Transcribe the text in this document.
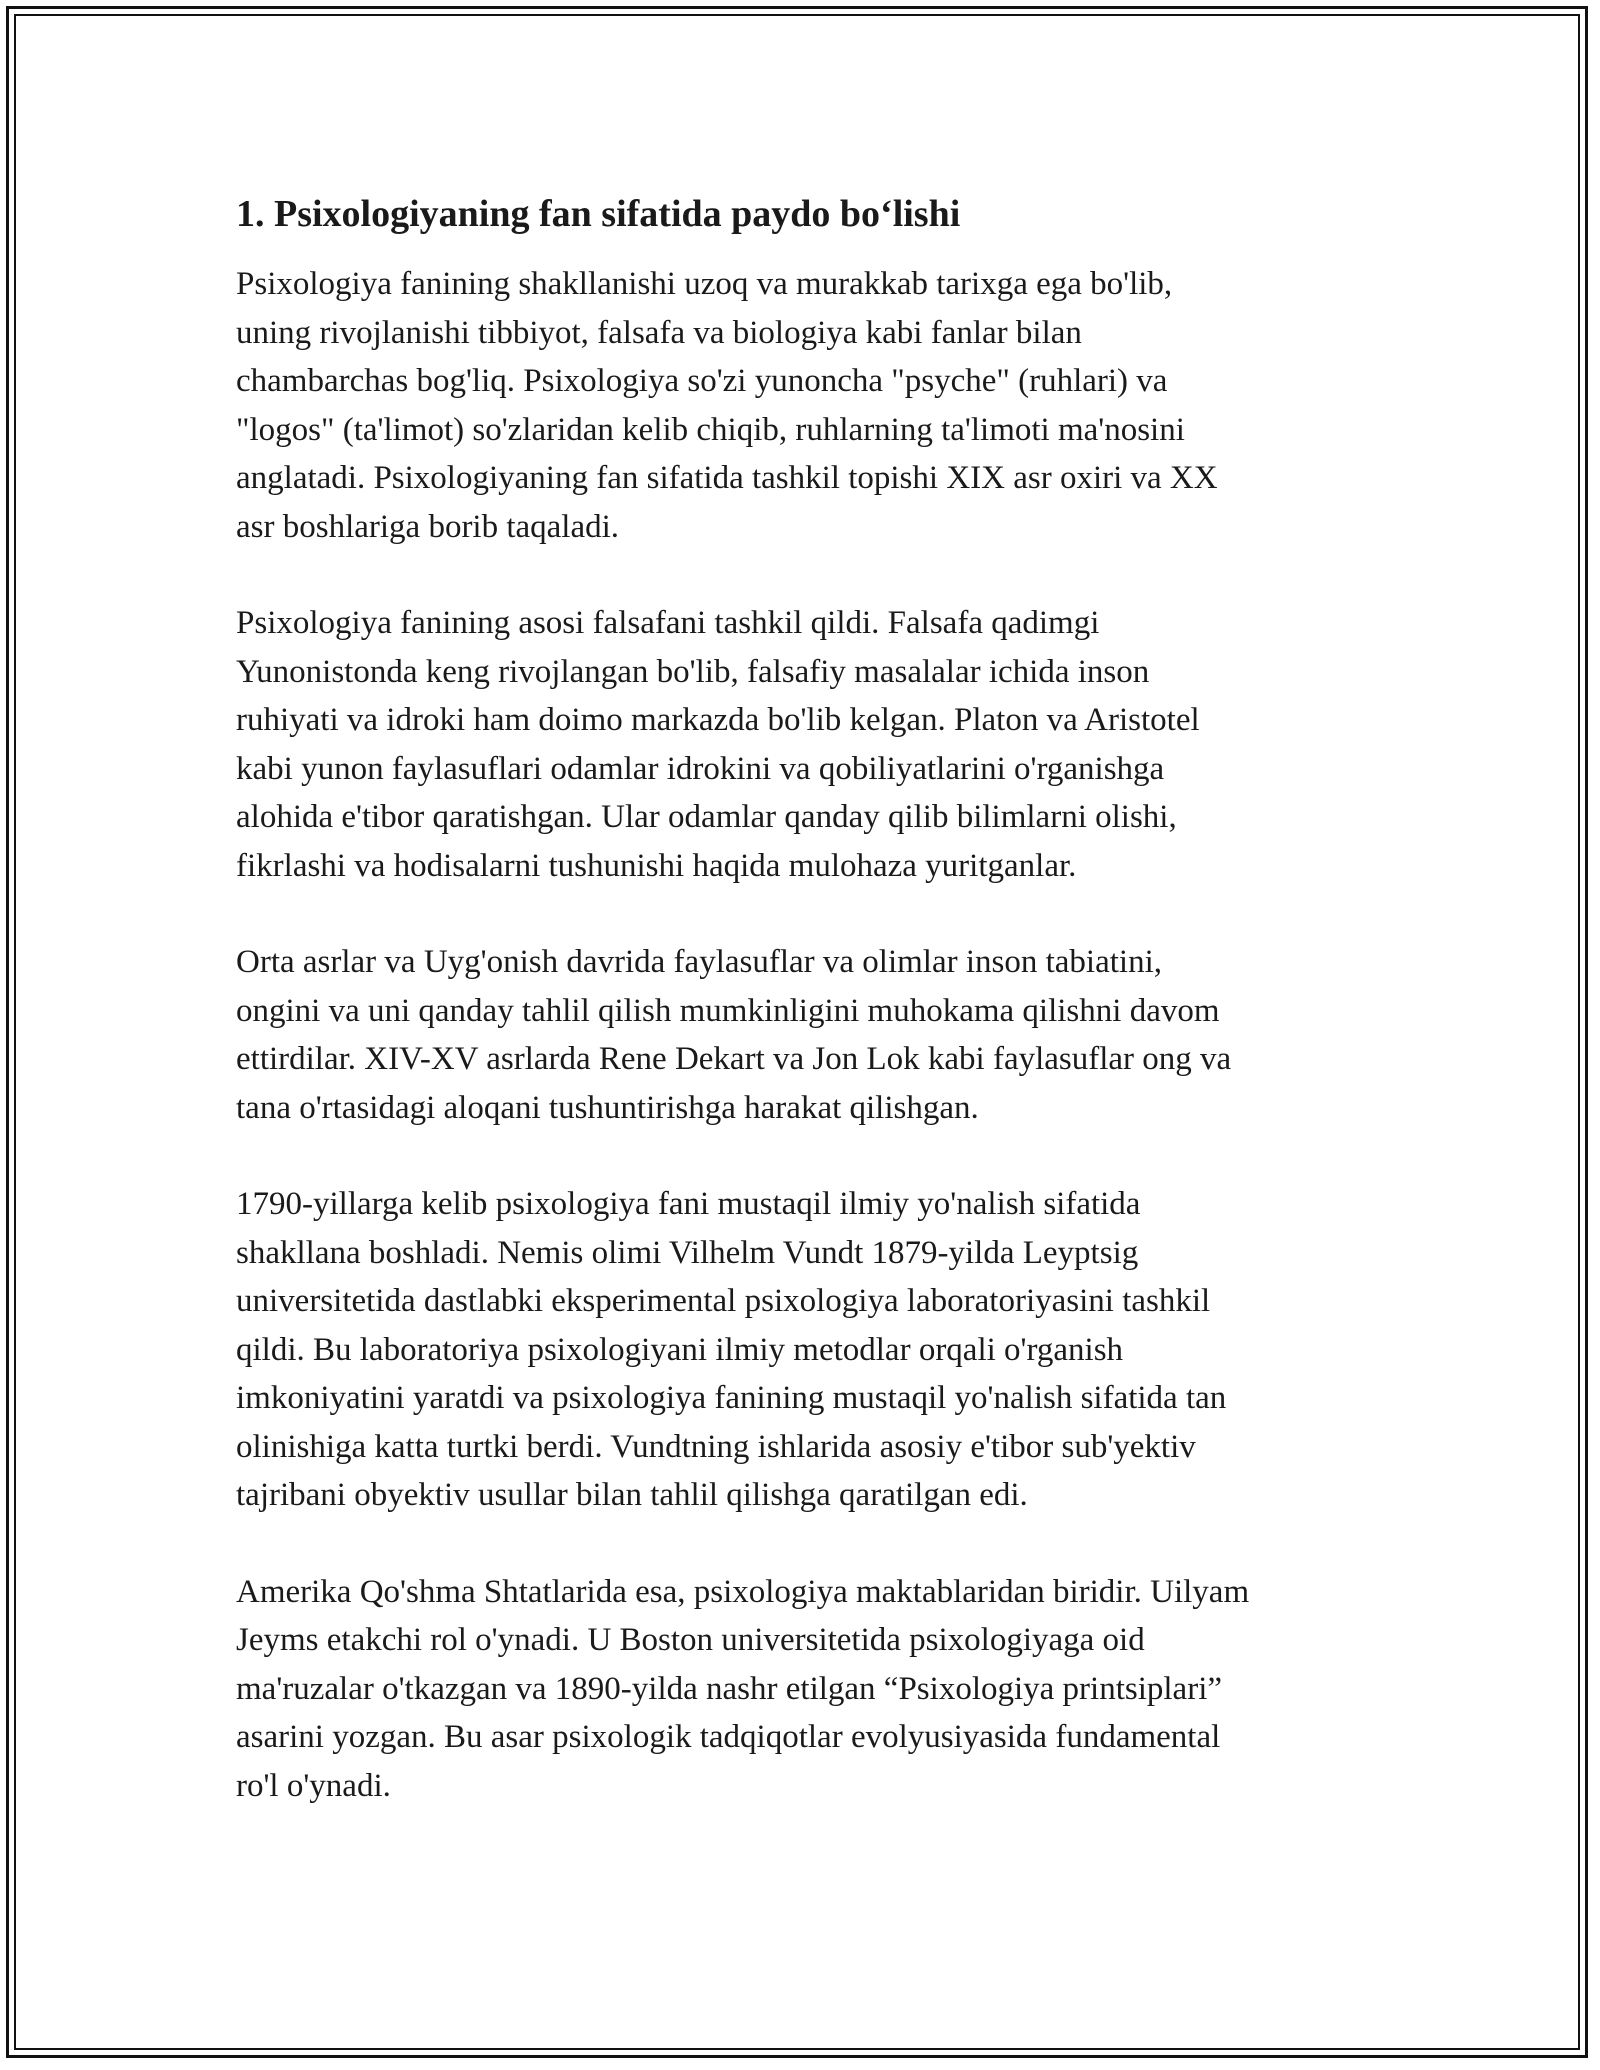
1. Psixologiyaning fan sifatida paydo bo‘lishi

Psixologiya fanining shakllanishi uzoq va murakkab tarixga ega bo'lib,
uning rivojlanishi tibbiyot, falsafa va biologiya kabi fanlar bilan
chambarchas bog'liq. Psixologiya so'zi yunoncha "psyche" (ruhlari) va
"logos" (ta'limot) so'zlaridan kelib chiqib, ruhlarning ta'limoti ma'nosini
anglatadi. Psixologiyaning fan sifatida tashkil topishi XIX asr oxiri va XX
asr boshlariga borib taqaladi.

Psixologiya fanining asosi falsafani tashkil qildi. Falsafa qadimgi
Yunonistonda keng rivojlangan bo'lib, falsafiy masalalar ichida inson
ruhiyati va idroki ham doimo markazda bo'lib kelgan. Platon va Aristotel
kabi yunon faylasuflari odamlar idrokini va qobiliyatlarini o'rganishga
alohida e'tibor qaratishgan. Ular odamlar qanday qilib bilimlarni olishi,
fikrlashi va hodisalarni tushunishi haqida mulohaza yuritganlar.

Orta asrlar va Uyg'onish davrida faylasuflar va olimlar inson tabiatini,
ongini va uni qanday tahlil qilish mumkinligini muhokama qilishni davom
ettirdilar. XIV-XV asrlarda Rene Dekart va Jon Lok kabi faylasuflar ong va
tana o'rtasidagi aloqani tushuntirishga harakat qilishgan.

1790-yillarga kelib psixologiya fani mustaqil ilmiy yo'nalish sifatida
shakllana boshladi. Nemis olimi Vilhelm Vundt 1879-yilda Leyptsig
universitetida dastlabki eksperimental psixologiya laboratoriyasini tashkil
qildi. Bu laboratoriya psixologiyani ilmiy metodlar orqali o'rganish
imkoniyatini yaratdi va psixologiya fanining mustaqil yo'nalish sifatida tan
olinishiga katta turtki berdi. Vundtning ishlarida asosiy e'tibor sub'yektiv
tajribani obyektiv usullar bilan tahlil qilishga qaratilgan edi.

Amerika Qo'shma Shtatlarida esa, psixologiya maktablaridan biridir. Uilyam
Jeyms etakchi rol o'ynadi. U Boston universitetida psixologiyaga oid
ma'ruzalar o'tkazgan va 1890-yilda nashr etilgan “Psixologiya printsiplari”
asarini yozgan. Bu asar psixologik tadqiqotlar evolyusiyasida fundamental
ro'l o'ynadi.
